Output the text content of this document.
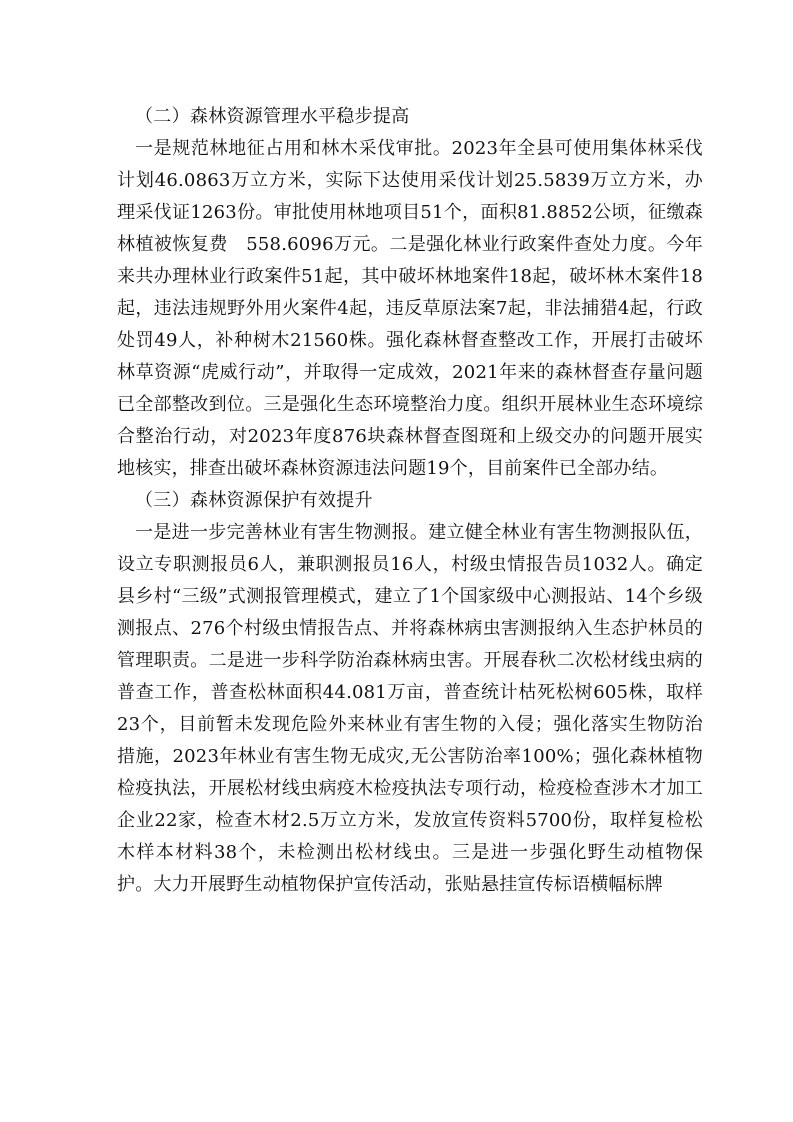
（二）森林资源管理水平稳步提高

一是规范林地征占用和林木采伐审批。2023年全县可使用集体林采伐计划46.0863万立方米，实际下达使用采伐计划25.5839万立方米，办理采伐证1263份。审批使用林地项目51个，面积81.8852公顷，征缴森林植被恢复费　558.6096万元。二是强化林业行政案件查处力度。今年来共办理林业行政案件51起，其中破坏林地案件18起，破坏林木案件18起，违法违规野外用火案件4起，违反草原法案7起，非法捕猎4起，行政处罚49人，补种树木21560株。强化森林督查整改工作，开展打击破坏林草资源“虎威行动”，并取得一定成效，2021年来的森林督查存量问题已全部整改到位。三是强化生态环境整治力度。组织开展林业生态环境综合整治行动，对2023年度876块森林督查图斑和上级交办的问题开展实地核实，排查出破坏森林资源违法问题19个，目前案件已全部办结。

（三）森林资源保护有效提升

一是进一步完善林业有害生物测报。建立健全林业有害生物测报队伍，设立专职测报员6人，兼职测报员16人，村级虫情报告员1032人。确定县乡村“三级”式测报管理模式，建立了1个国家级中心测报站、14个乡级测报点、276个村级虫情报告点、并将森林病虫害测报纳入生态护林员的管理职责。二是进一步科学防治森林病虫害。开展春秋二次松材线虫病的普查工作，普查松林面积44.081万亩，普查统计枯死松树605株，取样23个，目前暂未发现危险外来林业有害生物的入侵；强化落实生物防治措施，2023年林业有害生物无成灾,无公害防治率100%；强化森林植物检疫执法，开展松材线虫病疫木检疫执法专项行动，检疫检查涉木才加工企业22家，检查木材2.5万立方米，发放宣传资料5700份，取样复检松木样本材料38个，未检测出松材线虫。三是进一步强化野生动植物保护。大力开展野生动植物保护宣传活动，张贴悬挂宣传标语横幅标牌
